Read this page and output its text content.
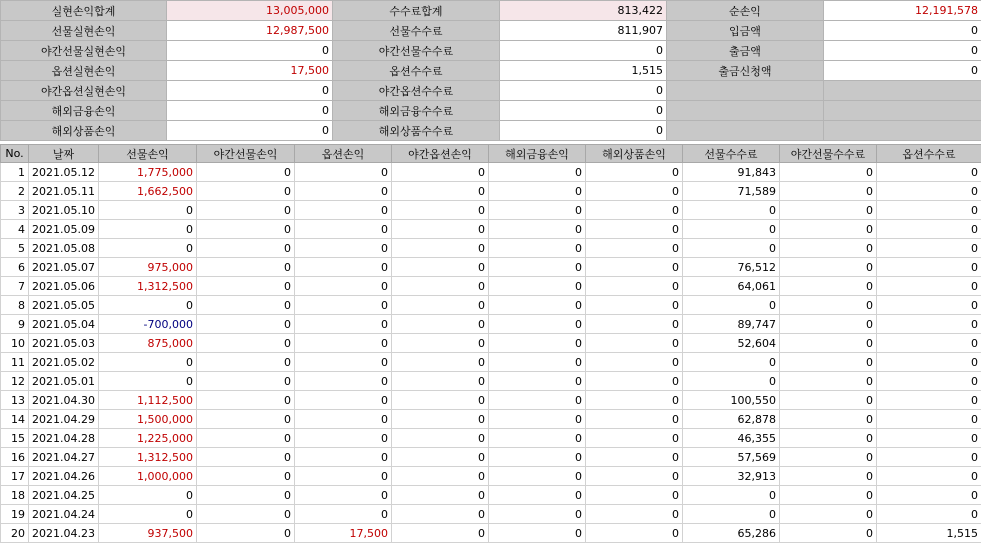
실현손익합계	13,005,000	수수료합계	813,422	순손익	12,191,578
선물실현손익	12,987,500	선물수수료	811,907	입금액	0
야간선물실현손익	0	야간선물수수료	0	출금액	0
옵션실현손익	17,500	옵션수수료	1,515	출금신청액	0
야간옵션실현손익	0	야간옵션수수료	0		
해외금융손익	0	해외금융수수료	0		
해외상품손익	0	해외상품수수료	0		
No.	날짜	선물손익	야간선물손익	옵션손익	야간옵션손익	해외금융손익	해외상품손익	선물수수료	야간선물수수료	옵션수수료
1	2021.05.12	1,775,000	0	0	0	0	0	91,843	0	0
2	2021.05.11	1,662,500	0	0	0	0	0	71,589	0	0
3	2021.05.10	0	0	0	0	0	0	0	0	0
4	2021.05.09	0	0	0	0	0	0	0	0	0
5	2021.05.08	0	0	0	0	0	0	0	0	0
6	2021.05.07	975,000	0	0	0	0	0	76,512	0	0
7	2021.05.06	1,312,500	0	0	0	0	0	64,061	0	0
8	2021.05.05	0	0	0	0	0	0	0	0	0
9	2021.05.04	-700,000	0	0	0	0	0	89,747	0	0
10	2021.05.03	875,000	0	0	0	0	0	52,604	0	0
11	2021.05.02	0	0	0	0	0	0	0	0	0
12	2021.05.01	0	0	0	0	0	0	0	0	0
13	2021.04.30	1,112,500	0	0	0	0	0	100,550	0	0
14	2021.04.29	1,500,000	0	0	0	0	0	62,878	0	0
15	2021.04.28	1,225,000	0	0	0	0	0	46,355	0	0
16	2021.04.27	1,312,500	0	0	0	0	0	57,569	0	0
17	2021.04.26	1,000,000	0	0	0	0	0	32,913	0	0
18	2021.04.25	0	0	0	0	0	0	0	0	0
19	2021.04.24	0	0	0	0	0	0	0	0	0
20	2021.04.23	937,500	0	17,500	0	0	0	65,286	0	1,515
